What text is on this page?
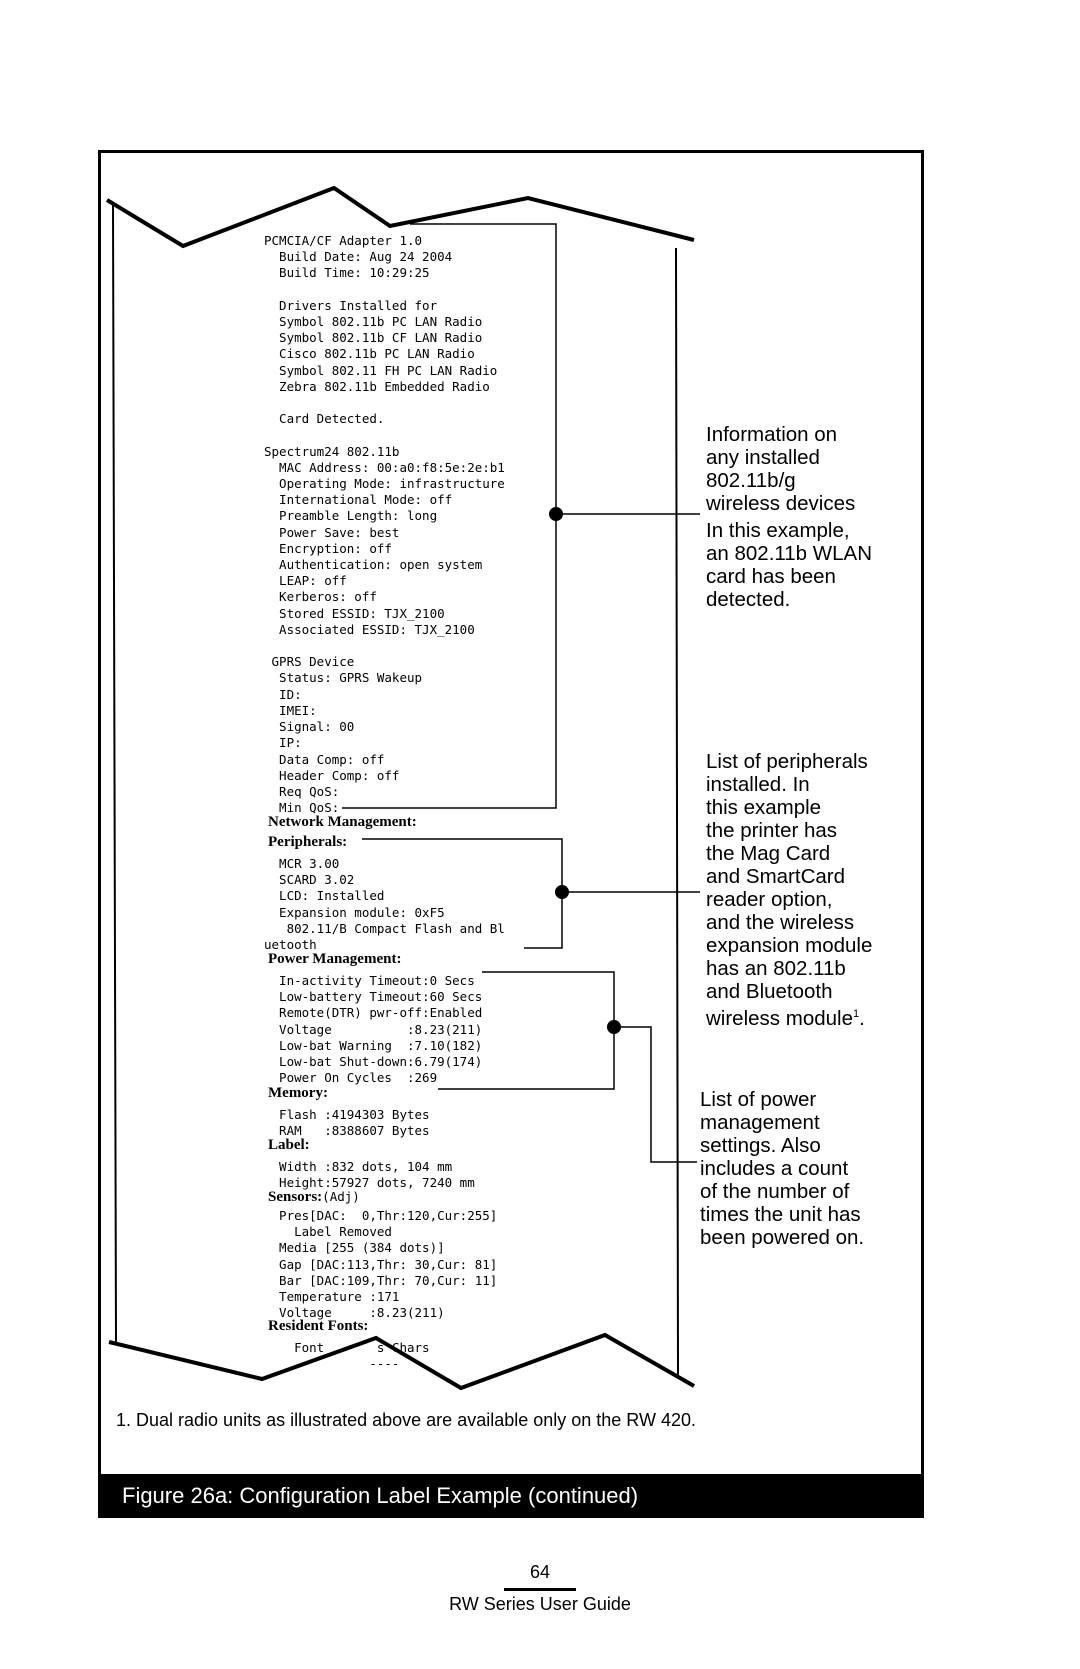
PCMCIA/CF Adapter 1.0
Build Date: Aug 24 2004
Build Time: 10:29:25

Drivers Installed for
Symbol 802.11b PC LAN Radio
Symbol 802.11b CF LAN Radio
Cisco 802.11b PC LAN Radio
Symbol 802.11 FH PC LAN Radio
Zebra 802.11b Embedded Radio

Card Detected.

Spectrum24 802.11b
MAC Address: 00:a0:f8:5e:2e:b1
Operating Mode: infrastructure
International Mode: off
Preamble Length: long
Power Save: best
Encryption: off
Authentication: open system
LEAP: off
Kerberos: off
Stored ESSID: TJX_2100
Associated ESSID: TJX_2100

GPRS Device
Status: GPRS Wakeup
ID:
IMEI:
Signal: 00
IP:
Data Comp: off
Header Comp: off
Req QoS:
Min QoS:
Network Management:
Peripherals:
MCR 3.00
SCARD 3.02
LCD: Installed
Expansion module: 0xF5
802.11/B Compact Flash and Bl
uetooth
Power Management:
In-activity Timeout:0 Secs
Low-battery Timeout:60 Secs
Remote(DTR) pwr-off:Enabled
Voltage          :8.23(211)
Low-bat Warning  :7.10(182)
Low-bat Shut-down:6.79(174)
Power On Cycles  :269
Memory:
Flash :4194303 Bytes
RAM   :8388607 Bytes
Label:
Width :832 dots, 104 mm
Height:57927 dots, 7240 mm
Sensors:(Adj)
Pres[DAC:  0,Thr:120,Cur:255]
Label Removed
Media [255 (384 dots)]
Gap [DAC:113,Thr: 30,Cur: 81]
Bar [DAC:109,Thr: 70,Cur: 11]
Temperature :171
Voltage     :8.23(211)
Resident Fonts:
Font       s Chars
----

Information on
any installed
802.11b/g
wireless devices

In this example,
an 802.11b WLAN
card has been
detected.

List of peripherals
installed. In
this example
the printer has
the Mag Card
and SmartCard
reader option,
and the wireless
expansion module
has an 802.11b
and Bluetooth
wireless module

$^1$.

List of power
management
settings. Also
includes a count
of the number of
times the unit has
been powered on.

1. Dual radio units as illustrated above are available only on the RW 420.
Figure 26a: Configuration Label Example (continued)
64
RW Series User Guide
